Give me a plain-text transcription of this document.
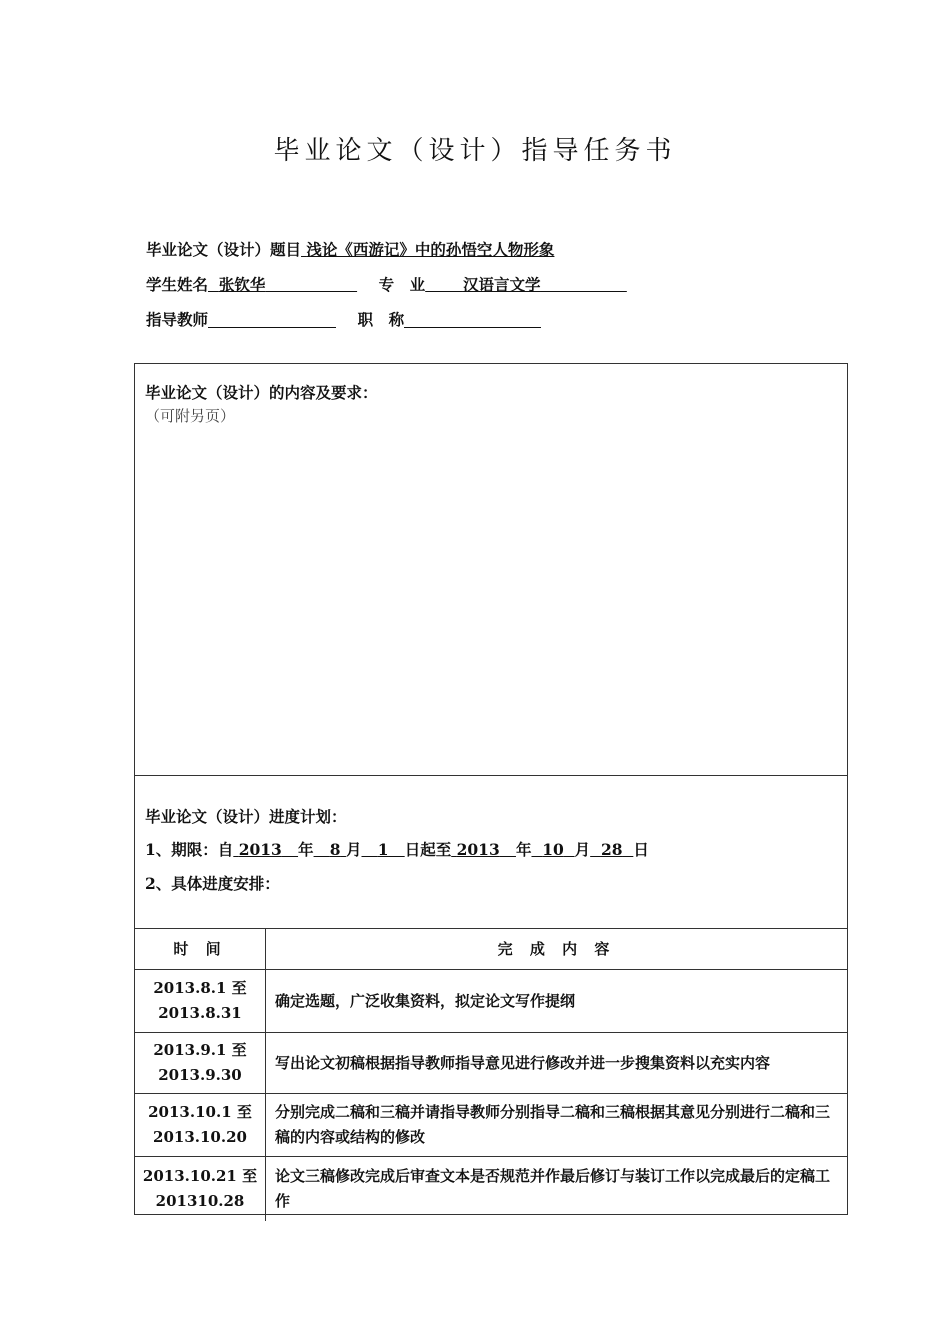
毕业论文（设计）指导任务书
毕业论文（设计）题目 浅论《西游记》中的孙悟空人物形象
学生姓名 张钦华	专　业 汉语言文学
指导教师	职　称
毕业论文（设计）的内容及要求：
（可附另页）
毕业论文（设计）进度计划：
1、期限：自 2013 年 8 月 1 日起至 2013 年 10 月 28 日
2、具体进度安排：
时 间	完 成 内 容
2013.8.1 至
2013.8.31	确定选题，广泛收集资料，拟定论文写作提纲
2013.9.1 至
2013.9.30	写出论文初稿根据指导教师指导意见进行修改并进一步搜集资料以充实内容
2013.10.1 至
2013.10.20	分别完成二稿和三稿并请指导教师分别指导二稿和三稿根据其意见分别进行二稿和三稿的内容或结构的修改
2013.10.21 至
201310.28	论文三稿修改完成后审查文本是否规范并作最后修订与装订工作以完成最后的定稿工作
